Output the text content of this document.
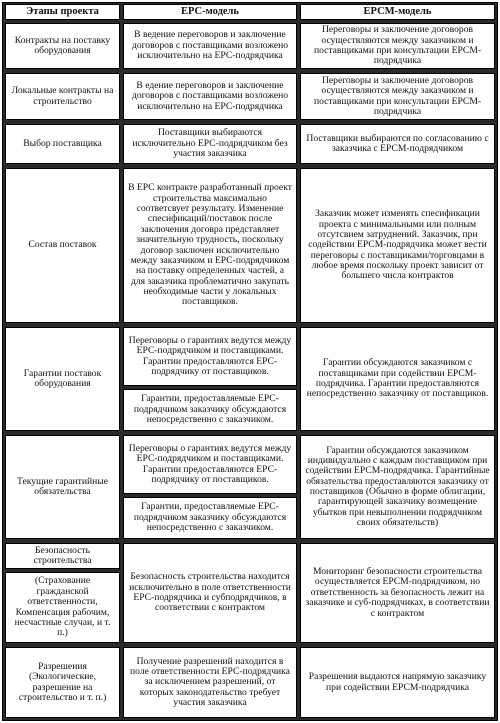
Этапы проекта	ЕРС-модель	ЕРСМ-модель
Контракты на поставку оборудования
В ведение переговоров и заключение договоров с поставщиками возложено исключительно на ЕРС-подрядчика
Переговоры и заключение договоров осуществляются между заказчиком и поставщиками при консультации ЕРСМ-подрядчика
Локальные контракты на строительство
В едение переговоров и заключение договоров с поставщиками возложено исключительно на ЕРС-подрядчика
Переговоры и заключение договоров осуществляются между заказчиком и поставщиками при консультации ЕРСМ-подрядчика
Выбор поставщика
Поставщики выбираются исключительно ЕРС-подрядчиком без участия заказчика
Поставщики выбираются по согласованию с заказчика с ЕРСМ-подрядчиком
Состав поставок
В ЕРС контракте разработанный проект строительства максимально соответсвует результату. Изменение спесификаций/поставок после заключения договра представляет значительную трудность, поскольку договор заключен исключительно между заказчиком и ЕРС-подрядчиком на поставку определенных частей, а для заказчика проблематично закупать необходимые части у локальных поставщиков.
Заказчик может изменять спесификации проекта с минимальными или полным отсутсвием затруднений. Заказчик, при содействии ЕРСМ-подрядчика может вести переговоры с поставщиками/торговцами в любое время поскольку проект зависит от большего числа контрактов
Гарантии поставок оборудования
Переговоры о гарантиях ведутся между ЕРС-подрядчиком и поставщиками. Гарантии предоставляются ЕРС-подрядчику от поставщиков.
Гарантии, предоставляемые ЕРС-подрядчиком заказчику обсуждаются непосредственно с заказчиком.
Гарантии обсуждаются заказчиком с поставщиками при содействии ЕРСМ-подрядчика. Гарантии предоставляются непосредственно заказчику от поставщиков.
Текущие гарантийные обязательства
Переговоры о гарантиях ведутся между ЕРС-подрядчиком и поставщиками. Гарантии предоставляются ЕРС-подрядчику от поставщиков.
Гарантии, предоставляемые ЕРС-подрядчиком заказчику обсуждаются непосредственно с заказчиком.
Гарантии обсуждаются заказчиком индивидуально с каждым поставщиком при содействии ЕРСМ-подрядчика. Гарантийные обязательства предоставляются заказчику от поставщиков (Обычно в форме облигации, гарантирующей заказчику возмещение убытков при невыполнении подрядчиком своих обязательств)
Безопасность строительства
(Страхование гражданской ответственности, Компенсация рабочим, несчастные случаи, и т. п.)
Безопасность строительства находится исключительно в поле ответственности ЕРС-подрядчика и субподрядчиков, в соответствии с контрактом
Мониторинг безопасности строительства осуществляется ЕРСМ-подрядчиком, но ответственность за безопасность лежит на заказчике и суб-подрядчиках, в соответствии с контрактом
Разрешения (Экологические, разрешение на строительство и т. п.)
Получение разрешений находится в поле ответственности ЕРС-подрядчика за исключением разрешений, от которых законодательство требует участия заказчика
Разрешения выдаются напрямую заказчику при содействии ЕРСМ-подрядчика
